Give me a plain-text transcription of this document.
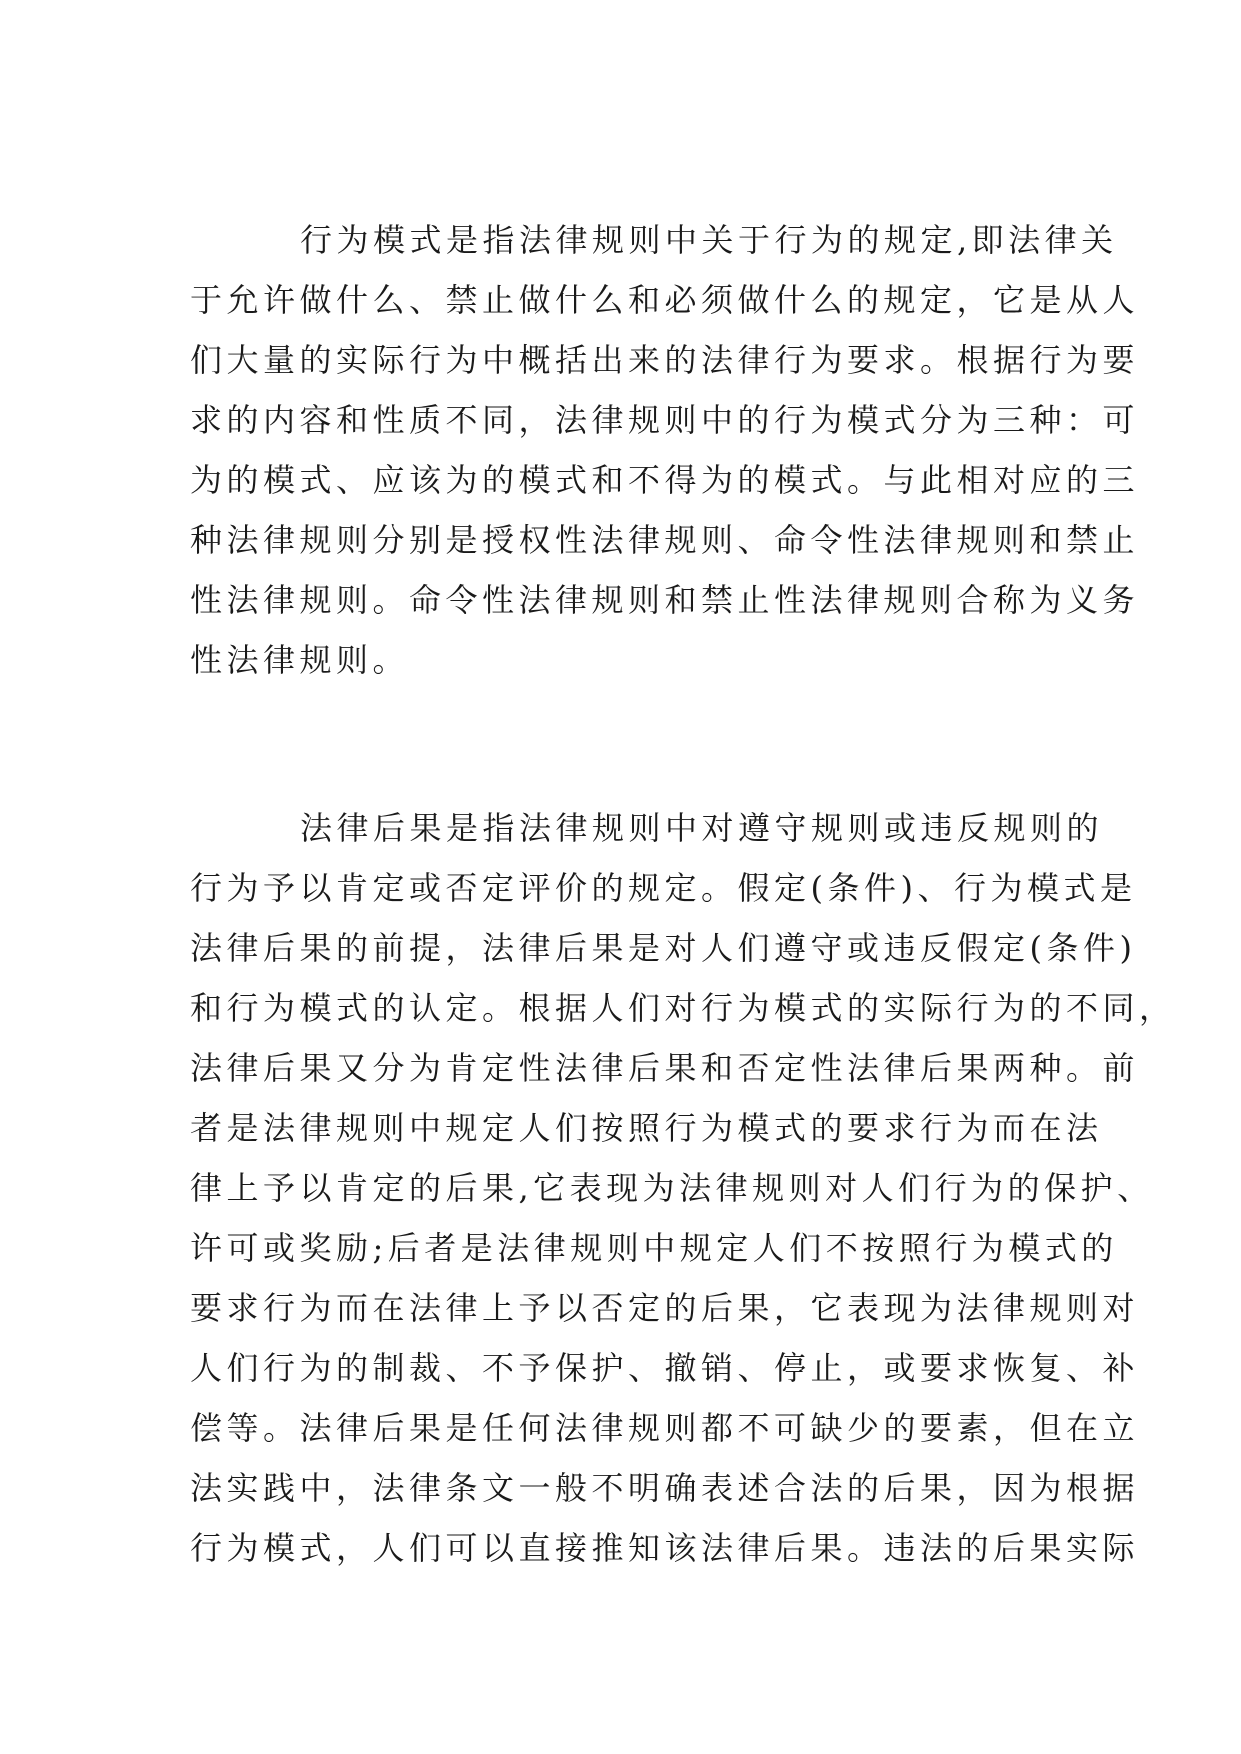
行为模式是指法律规则中关于行为的规定,即法律关
于允许做什么、禁止做什么和必须做什么的规定，它是从人
们大量的实际行为中概括出来的法律行为要求。根据行为要
求的内容和性质不同，法律规则中的行为模式分为三种：可
为的模式、应该为的模式和不得为的模式。与此相对应的三
种法律规则分别是授权性法律规则、命令性法律规则和禁止
性法律规则。命令性法律规则和禁止性法律规则合称为义务
性法律规则。
法律后果是指法律规则中对遵守规则或违反规则的
行为予以肯定或否定评价的规定。假定(条件)、行为模式是
法律后果的前提，法律后果是对人们遵守或违反假定(条件)
和行为模式的认定。根据人们对行为模式的实际行为的不同，
法律后果又分为肯定性法律后果和否定性法律后果两种。前
者是法律规则中规定人们按照行为模式的要求行为而在法
律上予以肯定的后果,它表现为法律规则对人们行为的保护、
许可或奖励;后者是法律规则中规定人们不按照行为模式的
要求行为而在法律上予以否定的后果，它表现为法律规则对
人们行为的制裁、不予保护、撤销、停止，或要求恢复、补
偿等。法律后果是任何法律规则都不可缺少的要素，但在立
法实践中，法律条文一般不明确表述合法的后果，因为根据
行为模式，人们可以直接推知该法律后果。违法的后果实际
